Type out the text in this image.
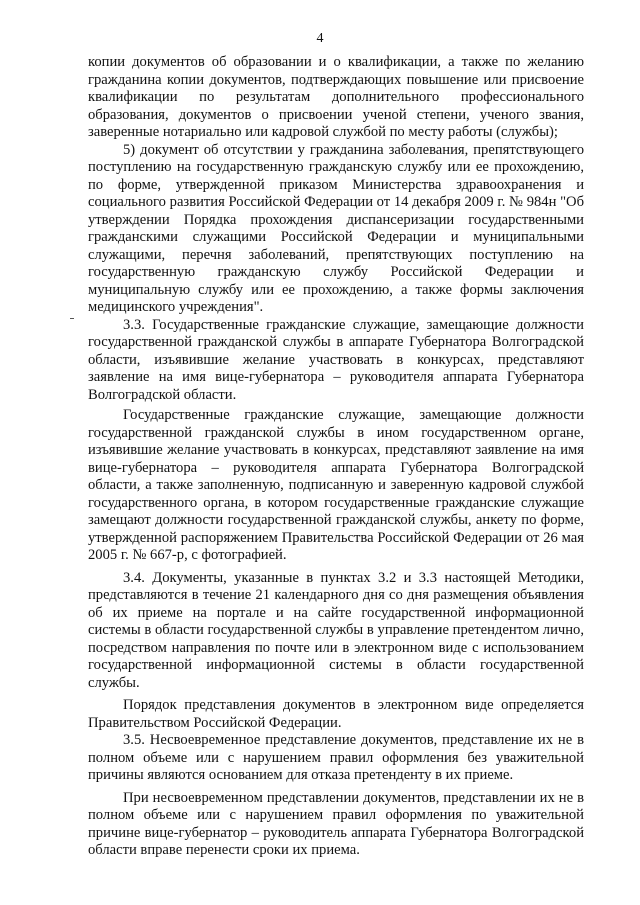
4

копии документов об образовании и о квалификации, а также по желанию гражданина копии документов, подтверждающих повышение или присвоение квалификации по результатам дополнительного профессионального образования, документов о присвоении ученой степени, ученого звания, заверенные нотариально или кадровой службой по месту работы (службы);

5) документ об отсутствии у гражданина заболевания, препятствующего поступлению на государственную гражданскую службу или ее прохождению, по форме, утвержденной приказом Министерства здравоохранения и социального развития Российской Федерации от 14 декабря 2009 г. № 984н "Об утверждении Порядка прохождения диспансеризации государственными гражданскими служащими Российской Федерации и муниципальными служащими, перечня заболеваний, препятствующих поступлению на государственную гражданскую службу Российской Федерации и муниципальную службу или ее прохождению, а также формы заключения медицинского учреждения".

3.3. Государственные гражданские служащие, замещающие должности государственной гражданской службы в аппарате Губернатора Волгоградской области, изъявившие желание участвовать в конкурсах, представляют заявление на имя вице-губернатора – руководителя аппарата Губернатора Волгоградской области.

Государственные гражданские служащие, замещающие должности государственной гражданской службы в ином государственном органе, изъявившие желание участвовать в конкурсах, представляют заявление на имя вице-губернатора – руководителя аппарата Губернатора Волгоградской области, а также заполненную, подписанную и заверенную кадровой службой государственного органа, в котором государственные гражданские служащие замещают должности государственной гражданской службы, анкету по форме, утвержденной распоряжением Правительства Российской Федерации от 26 мая 2005 г. № 667-р, с фотографией.

3.4. Документы, указанные в пунктах 3.2 и 3.3 настоящей Методики, представляются в течение 21 календарного дня со дня размещения объявления об их приеме на портале и на сайте государственной информационной системы в области государственной службы в управление претендентом лично, посредством направления по почте или в электронном виде с использованием государственной информационной системы в области государственной службы.

Порядок представления документов в электронном виде определяется Правительством Российской Федерации.

3.5. Несвоевременное представление документов, представление их не в полном объеме или с нарушением правил оформления без уважительной причины являются основанием для отказа претенденту в их приеме.

При несвоевременном представлении документов, представлении их не в полном объеме или с нарушением правил оформления по уважительной причине вице-губернатор – руководитель аппарата Губернатора Волгоградской области вправе перенести сроки их приема.
